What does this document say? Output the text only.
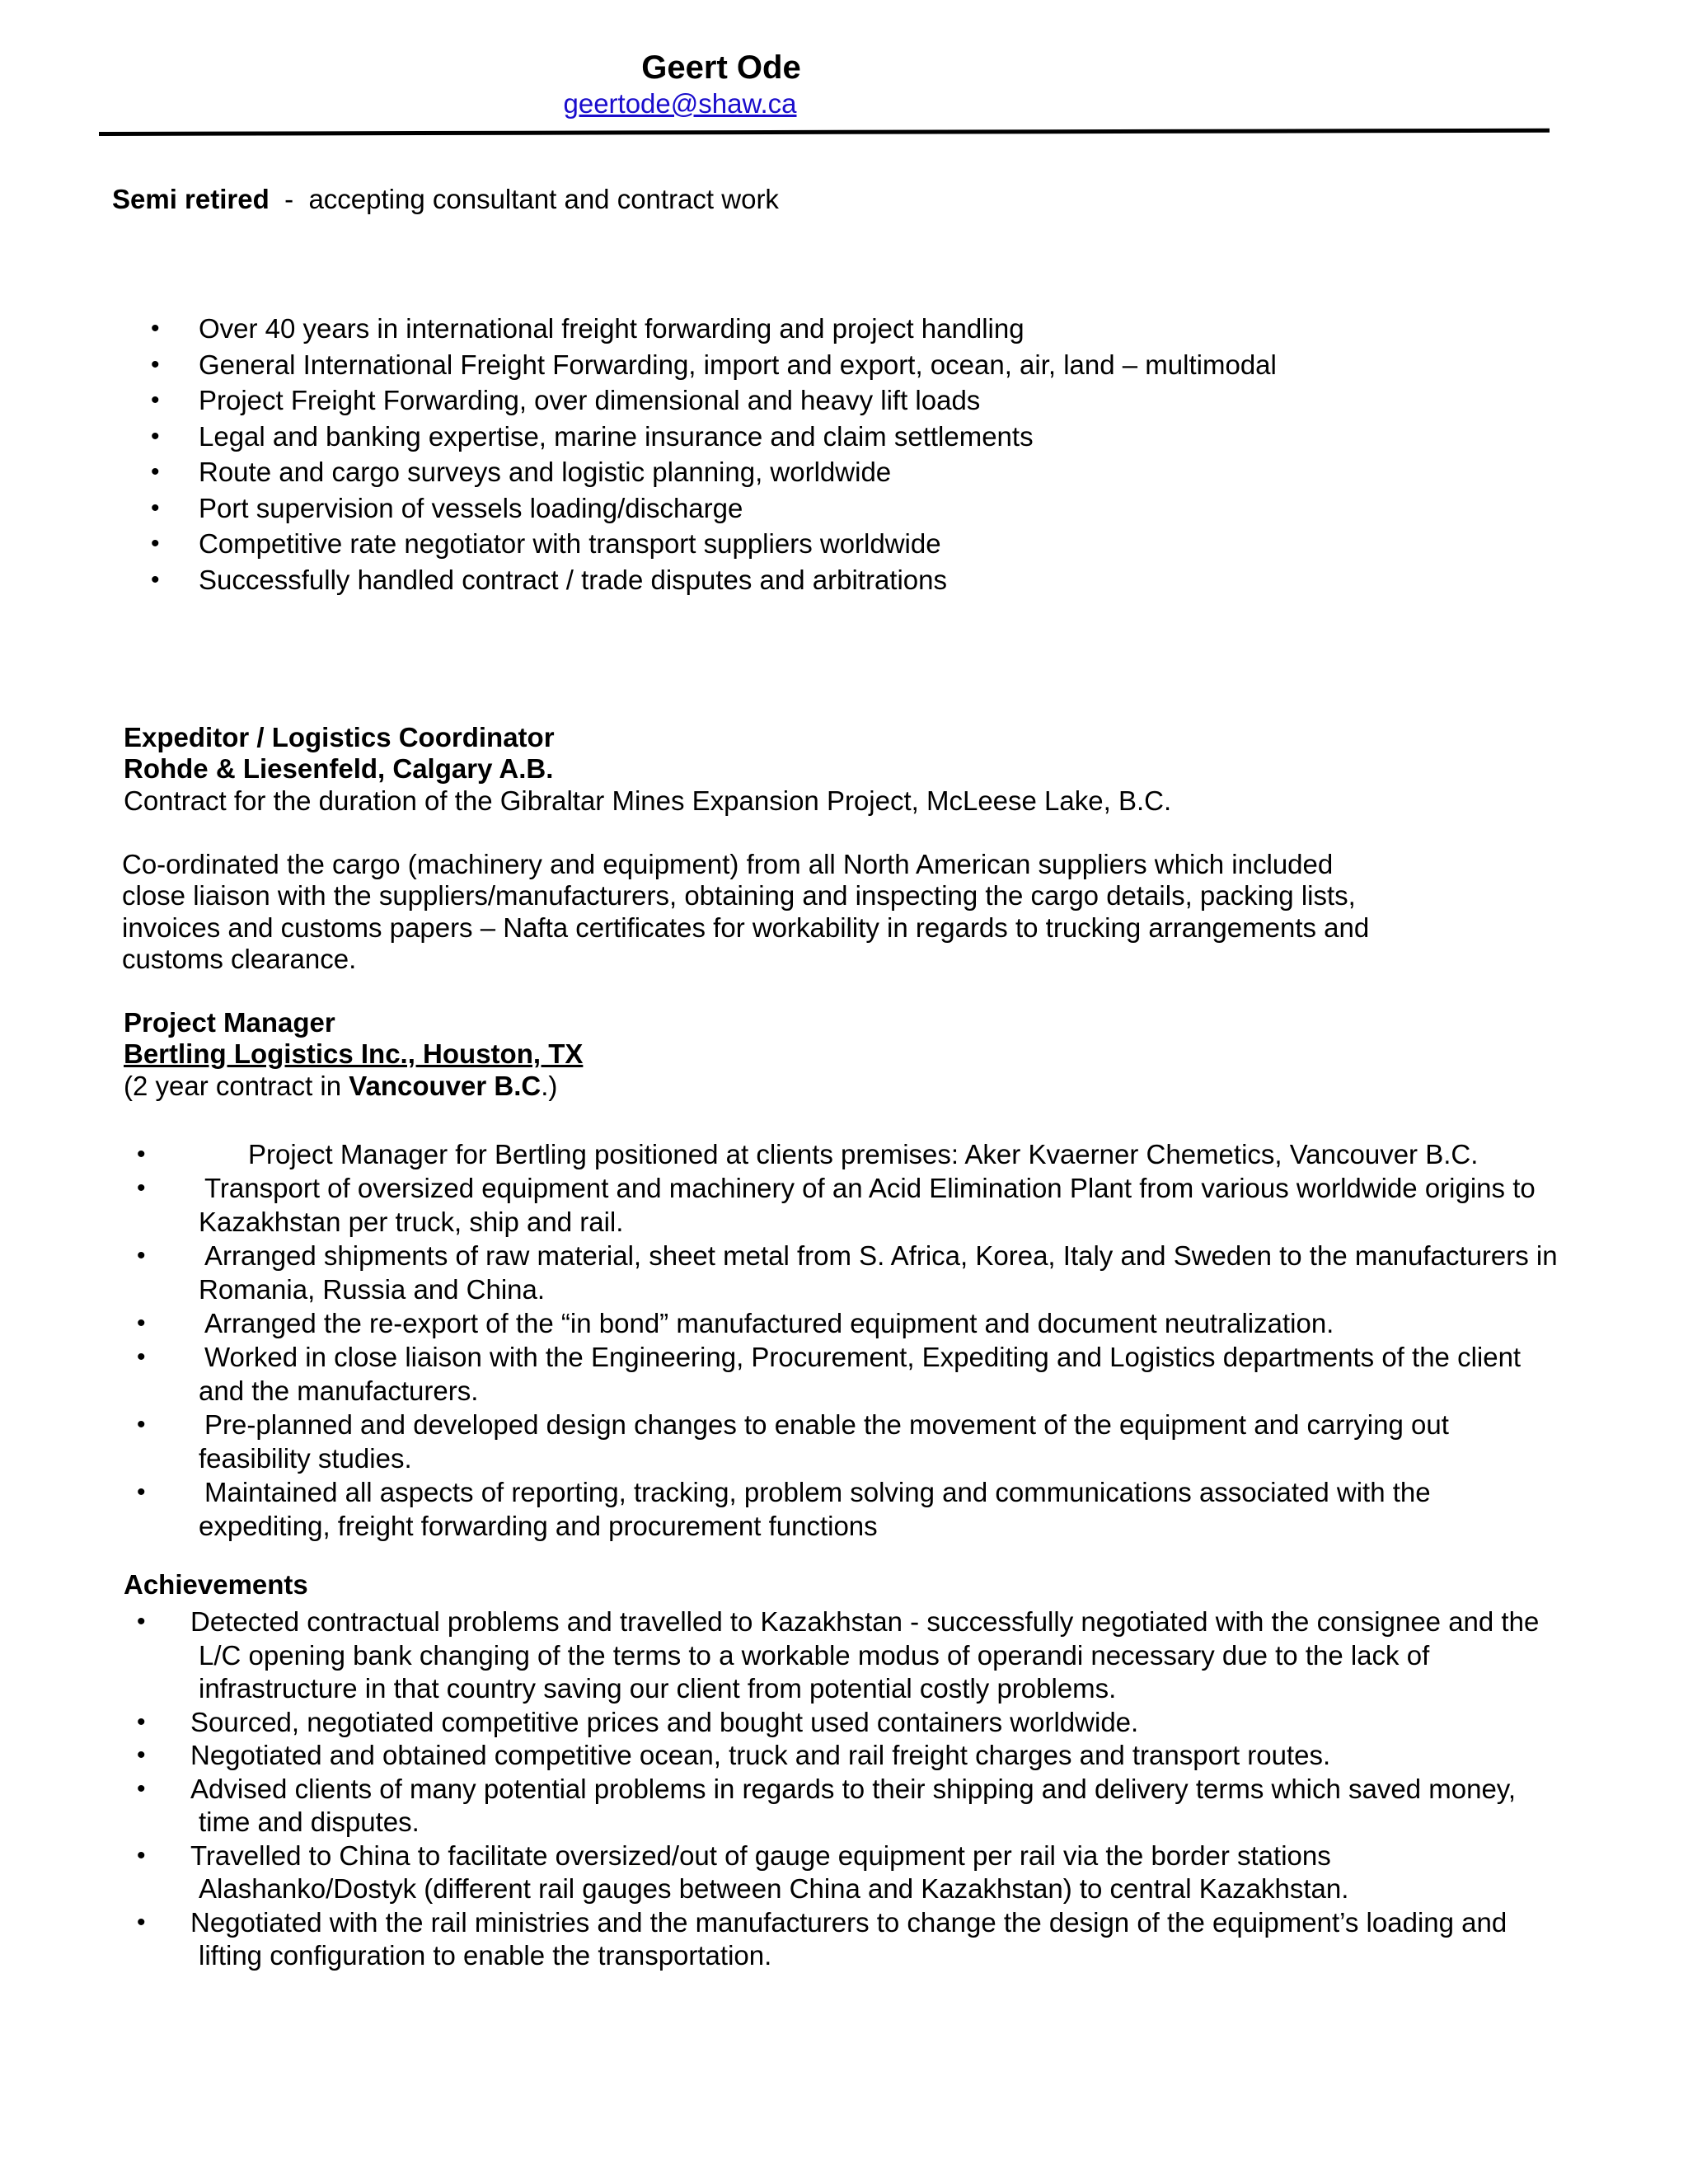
Geert Ode
geertode@shaw.ca
Semi retired - accepting consultant and contract work
• Over 40 years in international freight forwarding and project handling
• General International Freight Forwarding, import and export, ocean, air, land – multimodal
• Project Freight Forwarding, over dimensional and heavy lift loads
• Legal and banking expertise, marine insurance and claim settlements
• Route and cargo surveys and logistic planning, worldwide
• Port supervision of vessels loading/discharge
• Competitive rate negotiator with transport suppliers worldwide
• Successfully handled contract / trade disputes and arbitrations
Expeditor / Logistics Coordinator
Rohde & Liesenfeld, Calgary A.B.
Contract for the duration of the Gibraltar Mines Expansion Project, McLeese Lake, B.C.
Co-ordinated the cargo (machinery and equipment) from all North American suppliers which included
close liaison with the suppliers/manufacturers, obtaining and inspecting the cargo details, packing lists,
invoices and customs papers – Nafta certificates for workability in regards to trucking arrangements and
customs clearance.
Project Manager
Bertling Logistics Inc., Houston, TX
(2 year contract in Vancouver B.C.)
• Project Manager for Bertling positioned at clients premises: Aker Kvaerner Chemetics, Vancouver B.C.
• Transport of oversized equipment and machinery of an Acid Elimination Plant from various worldwide origins to Kazakhstan per truck, ship and rail.
• Arranged shipments of raw material, sheet metal from S. Africa, Korea, Italy and Sweden to the manufacturers in Romania, Russia and China.
• Arranged the re-export of the “in bond” manufactured equipment and document neutralization.
• Worked in close liaison with the Engineering, Procurement, Expediting and Logistics departments of the client and the manufacturers.
• Pre-planned and developed design changes to enable the movement of the equipment and carrying out feasibility studies.
• Maintained all aspects of reporting, tracking, problem solving and communications associated with the expediting, freight forwarding and procurement functions
Achievements
• Detected contractual problems and travelled to Kazakhstan - successfully negotiated with the consignee and the L/C opening bank changing of the terms to a workable modus of operandi necessary due to the lack of infrastructure in that country saving our client from potential costly problems.
• Sourced, negotiated competitive prices and bought used containers worldwide.
• Negotiated and obtained competitive ocean, truck and rail freight charges and transport routes.
• Advised clients of many potential problems in regards to their shipping and delivery terms which saved money, time and disputes.
• Travelled to China to facilitate oversized/out of gauge equipment per rail via the border stations Alashanko/Dostyk (different rail gauges between China and Kazakhstan) to central Kazakhstan.
• Negotiated with the rail ministries and the manufacturers to change the design of the equipment’s loading and lifting configuration to enable the transportation.
